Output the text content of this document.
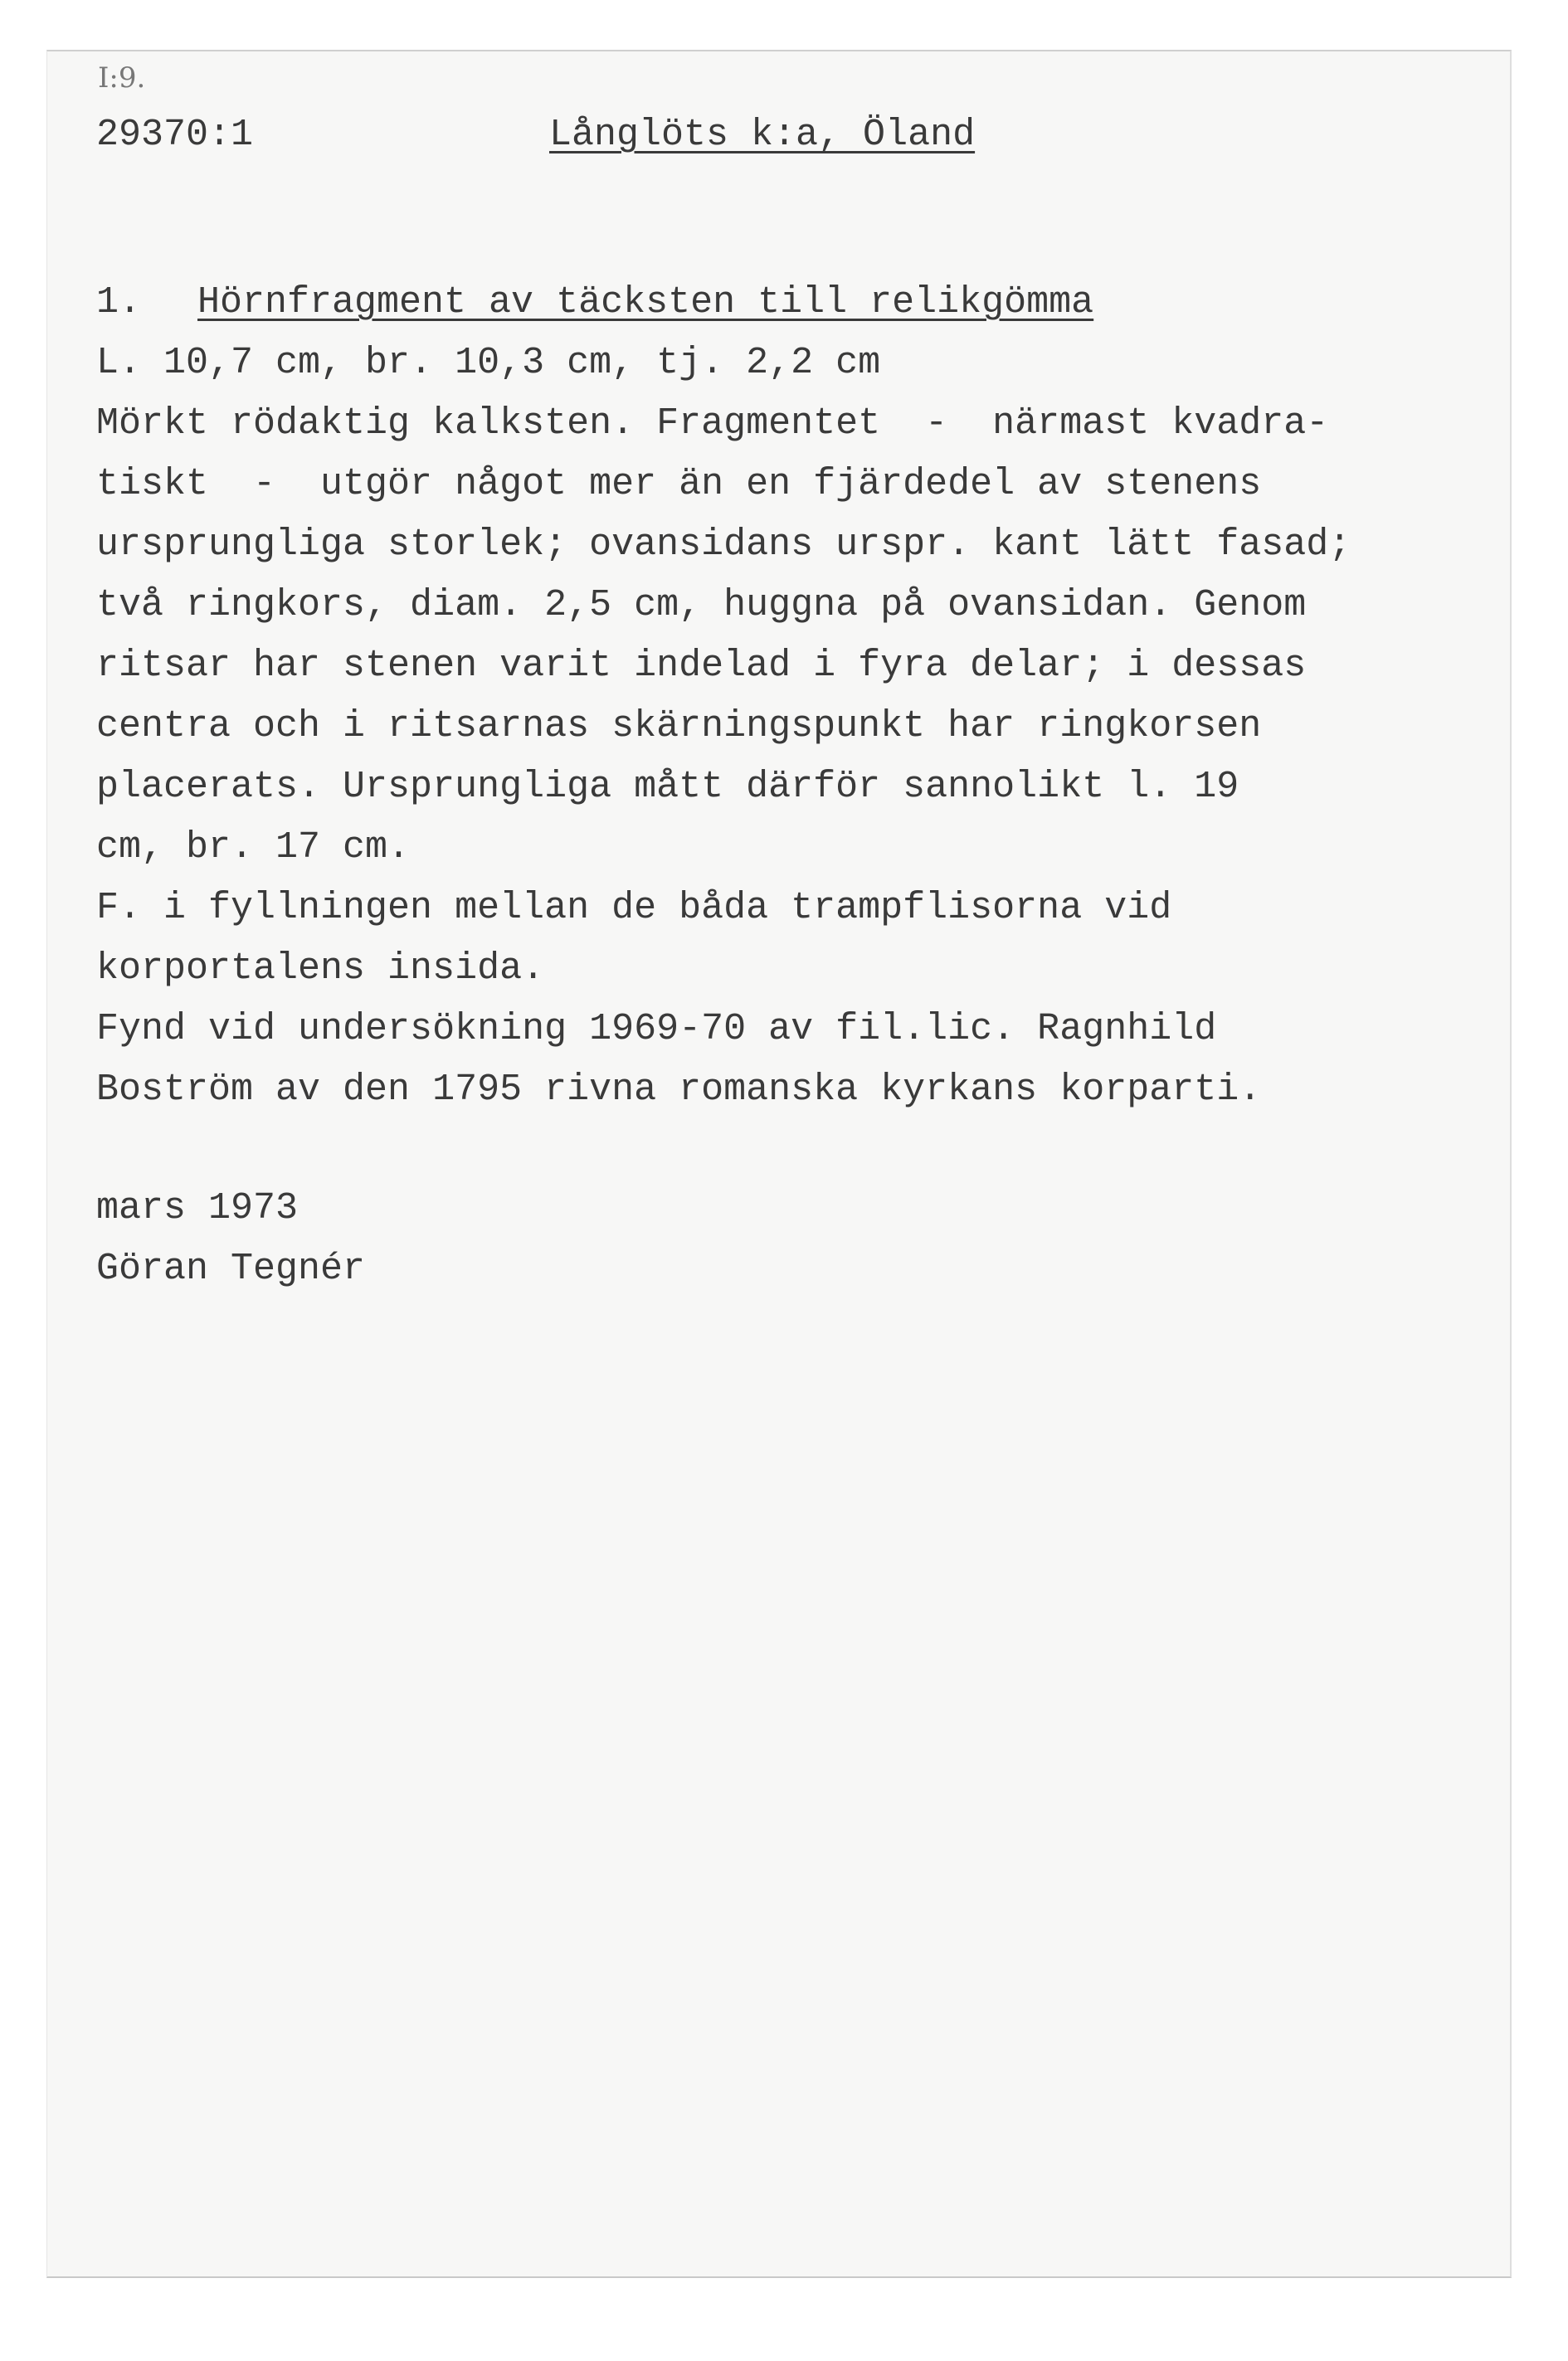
I:9.
29370:1	Långlöts k:a, Öland
1. Hörnfragment av täcksten till relikgömma
L. 10,7 cm, br. 10,3 cm, tj. 2,2 cm
Mörkt rödaktig kalksten. Fragmentet  -  närmast kvadra-
tiskt  -  utgör något mer än en fjärdedel av stenens
ursprungliga storlek; ovansidans urspr. kant lätt fasad;
två ringkors, diam. 2,5 cm, huggna på ovansidan. Genom
ritsar har stenen varit indelad i fyra delar; i dessas
centra och i ritsarnas skärningspunkt har ringkorsen
placerats. Ursprungliga mått därför sannolikt l. 19
cm, br. 17 cm.
F. i fyllningen mellan de båda trampflisorna vid
korportalens insida.
Fynd vid undersökning 1969-70 av fil.lic. Ragnhild
Boström av den 1795 rivna romanska kyrkans korparti.
mars 1973
Göran Tegnér
